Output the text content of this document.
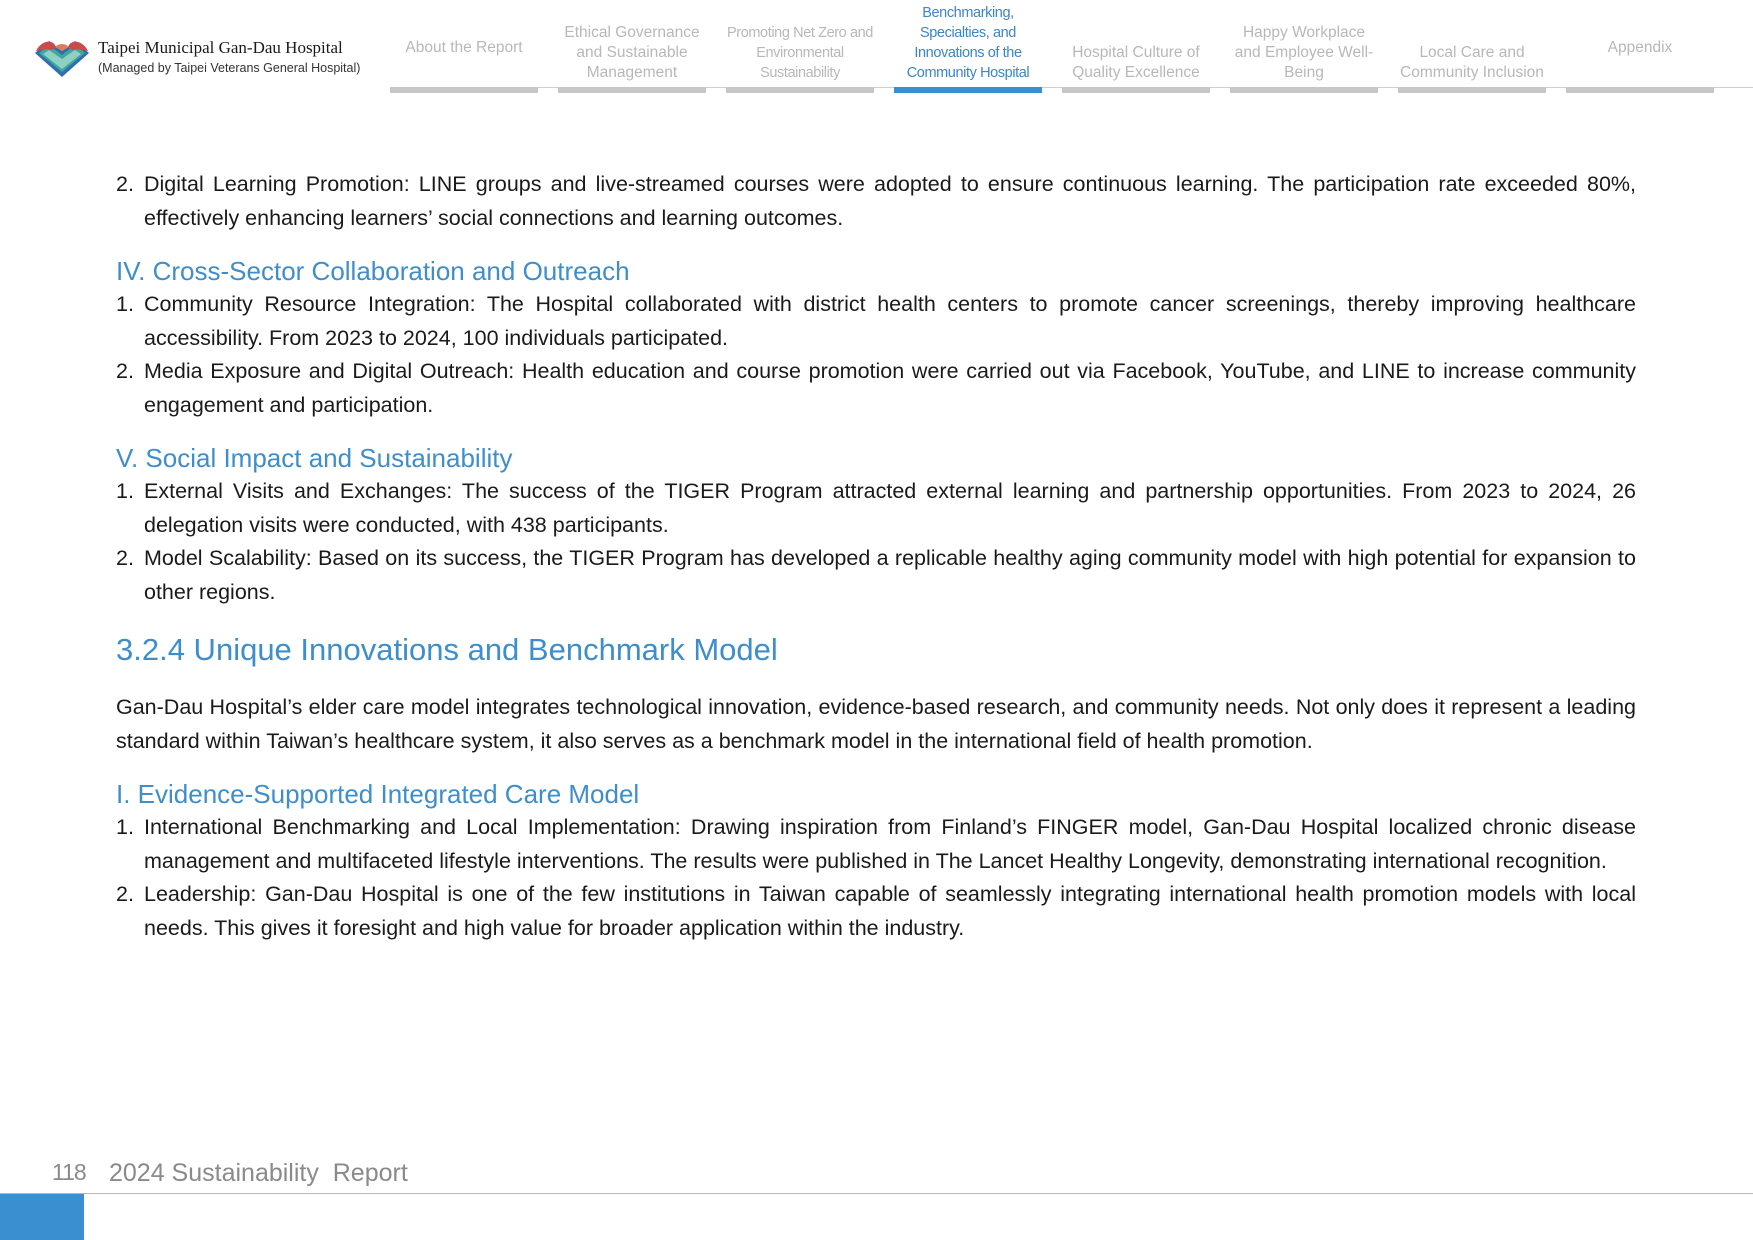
Taipei Municipal Gan-Dau Hospital
(Managed by Taipei Veterans General Hospital)
About the Report
Ethical Governance and Sustainable Management
Promoting Net Zero and Environmental Sustainability
Benchmarking, Specialties, and Innovations of the Community Hospital
Hospital Culture of Quality Excellence
Happy Workplace and Employee Well-Being
Local Care and Community Inclusion
Appendix
2. Digital Learning Promotion: LINE groups and live-streamed courses were adopted to ensure continuous learning. The participation rate exceeded 80%, effectively enhancing learners’ social connections and learning outcomes.
IV. Cross-Sector Collaboration and Outreach
1. Community Resource Integration: The Hospital collaborated with district health centers to promote cancer screenings, thereby improving healthcare accessibility. From 2023 to 2024, 100 individuals participated.
2. Media Exposure and Digital Outreach: Health education and course promotion were carried out via Facebook, YouTube, and LINE to increase community engagement and participation.
V. Social Impact and Sustainability
1. External Visits and Exchanges: The success of the TIGER Program attracted external learning and partnership opportunities. From 2023 to 2024, 26 delegation visits were conducted, with 438 participants.
2. Model Scalability: Based on its success, the TIGER Program has developed a replicable healthy aging community model with high potential for expansion to other regions.
3.2.4 Unique Innovations and Benchmark Model
Gan-Dau Hospital’s elder care model integrates technological innovation, evidence-based research, and community needs. Not only does it represent a leading standard within Taiwan’s healthcare system, it also serves as a benchmark model in the international field of health promotion.
I. Evidence-Supported Integrated Care Model
1. International Benchmarking and Local Implementation: Drawing inspiration from Finland’s FINGER model, Gan-Dau Hospital localized chronic disease management and multifaceted lifestyle interventions. The results were published in The Lancet Healthy Longevity, demonstrating international recognition.
2. Leadership: Gan-Dau Hospital is one of the few institutions in Taiwan capable of seamlessly integrating international health promotion models with local needs. This gives it foresight and high value for broader application within the industry.
118 2024 Sustainability  Report
